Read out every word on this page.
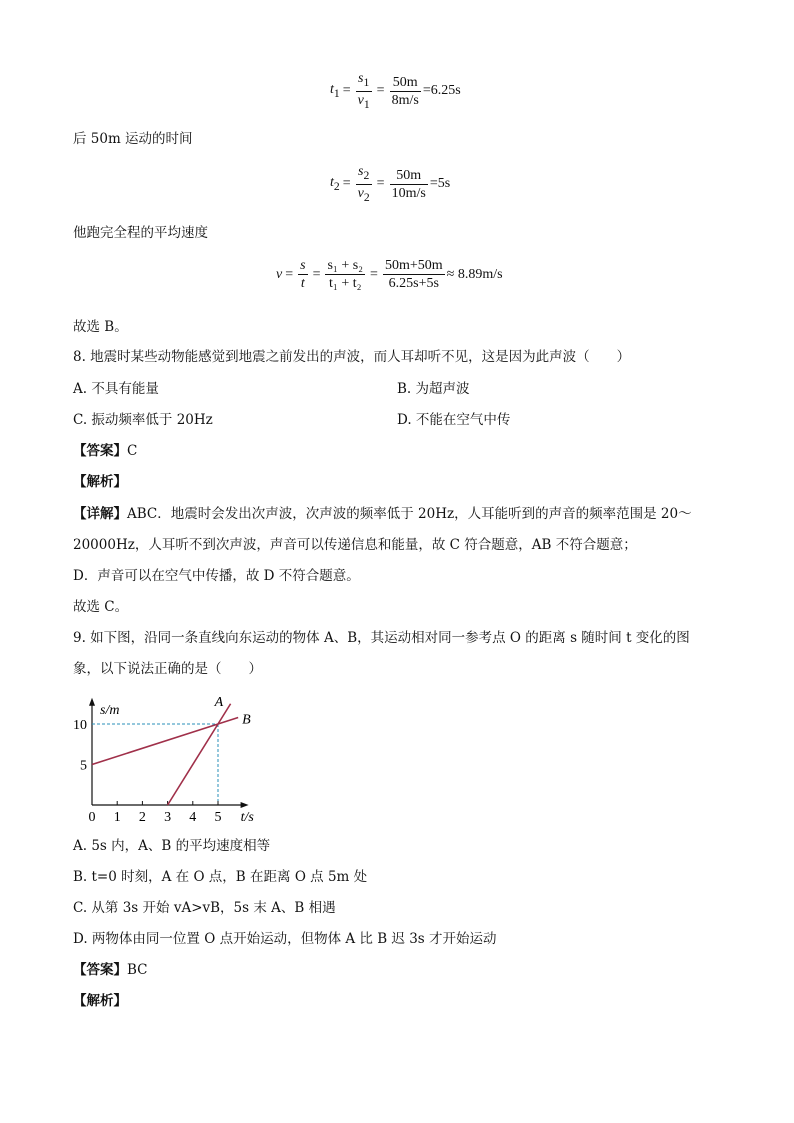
$t_1 = \frac{s_1}{v_1} = \frac{50m}{8m/s} =6.25s$
后 50m 运动的时间
$t_2 = \frac{s_2}{v_2} = \frac{50m}{10m/s} =5s$
他跑完全程的平均速度
$v = \frac{s}{t} = \frac{\text{s₁ + s₂}}{\text{t₁ + t₂}} = \frac{50m+50m}{6.25s+5s} \approx 8.89m/s$
故选 B。
8. 地震时某些动物能感觉到地震之前发出的声波，而人耳却听不见，这是因为此声波（　　）
A. 不具有能量	B. 为超声波
C. 振动频率低于 20Hz	D. 不能在空气中传
【答案】C
【解析】
【详解】ABC．地震时会发出次声波，次声波的频率低于 20Hz，人耳能听到的声音的频率范围是 20～
20000Hz，人耳听不到次声波，声音可以传递信息和能量，故 C 符合题意，AB 不符合题意；
D．声音可以在空气中传播，故 D 不符合题意。
故选 C。
9. 如下图，沿同一条直线向东运动的物体 A、B，其运动相对同一参考点 O 的距离 s 随时间 t 变化的图
象，以下说法正确的是（　　）
0 1 2 3 4 5
5
10
t/s
s/m
A
B
A. 5s 内，A、B 的平均速度相等
B. t=0 时刻，A 在 O 点，B 在距离 O 点 5m 处
C. 从第 3s 开始 vA>vB，5s 末 A、B 相遇
D. 两物体由同一位置 O 点开始运动，但物体 A 比 B 迟 3s 才开始运动
【答案】BC
【解析】
